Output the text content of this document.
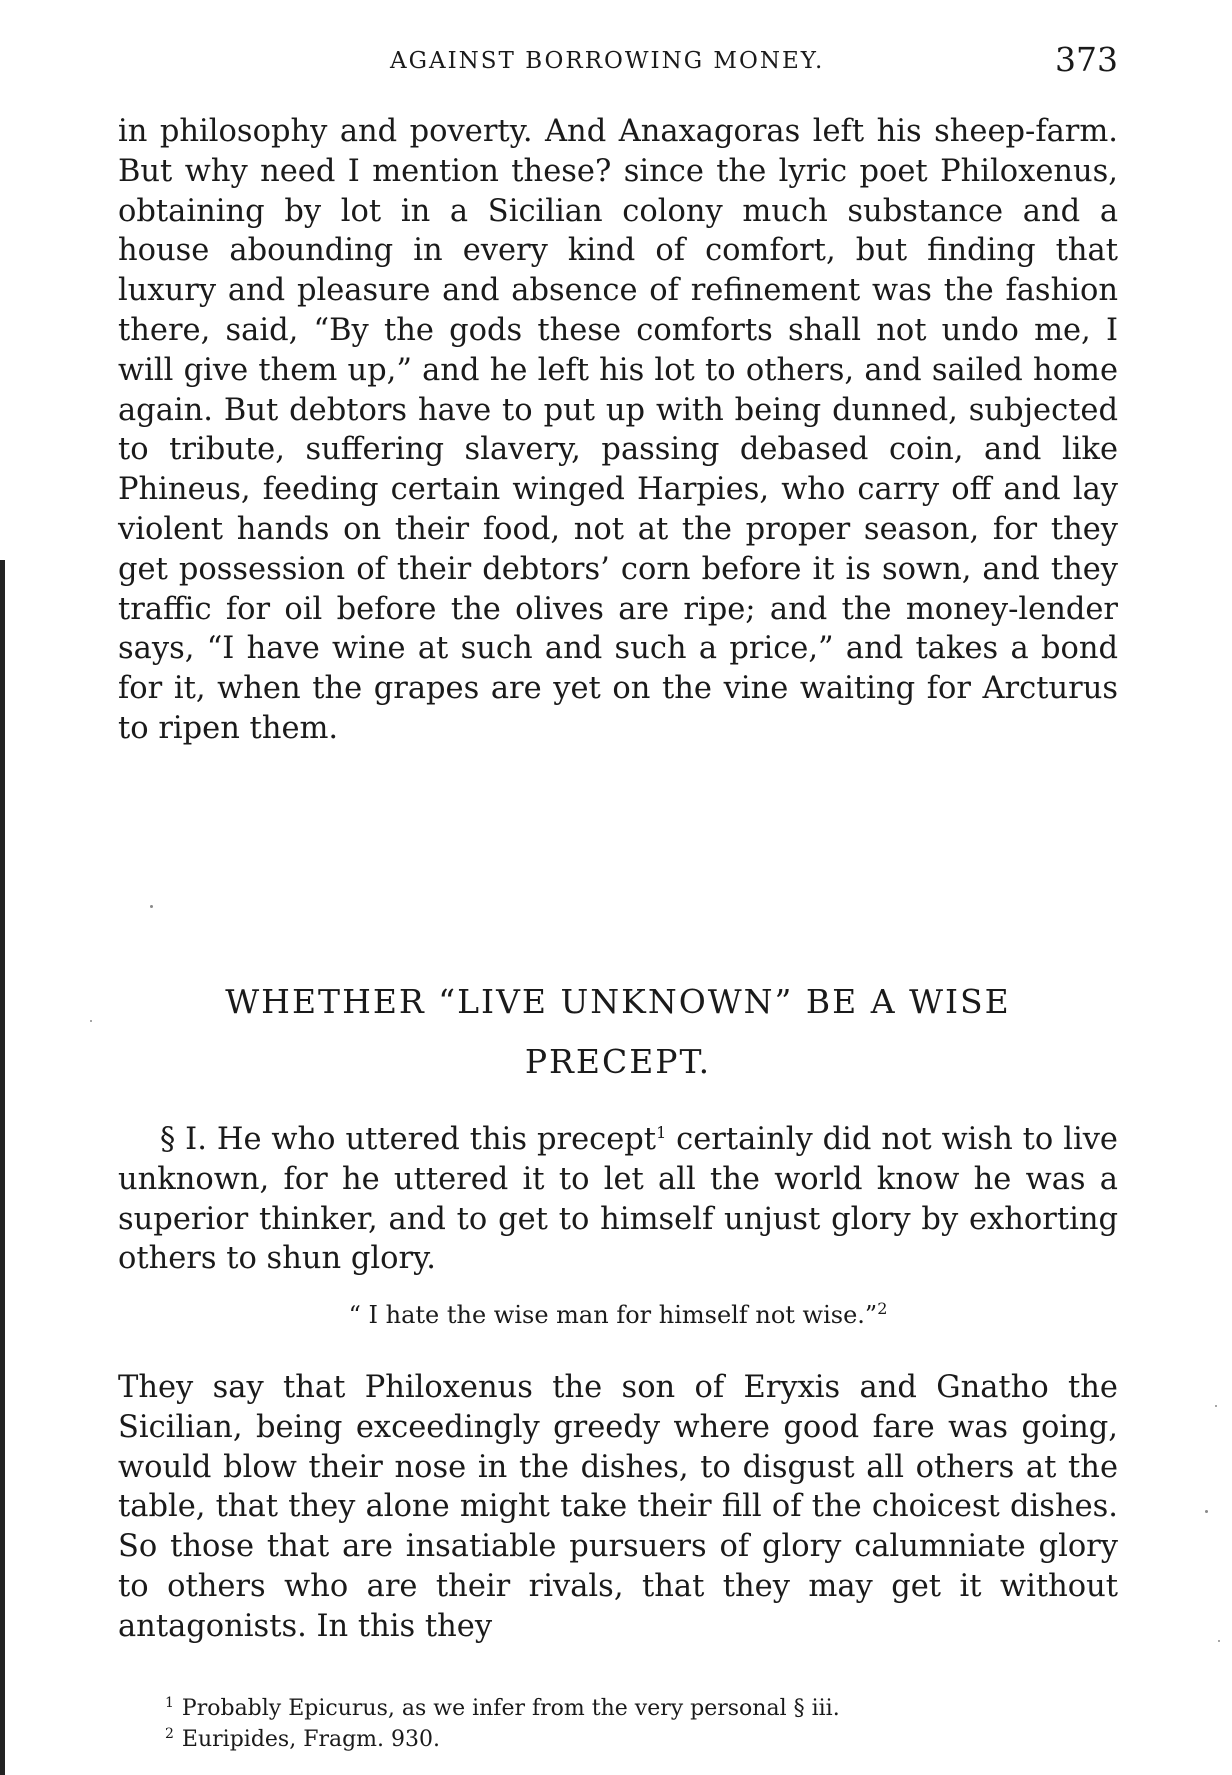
AGAINST BORROWING MONEY.	373

in philosophy and poverty. And Anaxagoras left his sheep-farm. But why need I mention these? since the lyric poet Philoxenus, obtaining by lot in a Sicilian colony much substance and a house abounding in every kind of comfort, but finding that luxury and pleasure and absence of refinement was the fashion there, said, “By the gods these comforts shall not undo me, I will give them up,” and he left his lot to others, and sailed home again. But debtors have to put up with being dunned, subjected to tribute, suffering slavery, passing debased coin, and like Phineus, feeding certain winged Harpies, who carry off and lay violent hands on their food, not at the proper season, for they get possession of their debtors’ corn before it is sown, and they traffic for oil before the olives are ripe; and the money-lender says, “I have wine at such and such a price,” and takes a bond for it, when the grapes are yet on the vine waiting for Arcturus to ripen them.

WHETHER “LIVE UNKNOWN” BE A WISE
PRECEPT.

§ I. He who uttered this precept$^1$ certainly did not wish to live unknown, for he uttered it to let all the world know he was a superior thinker, and to get to himself unjust glory by exhorting others to shun glory.

“ I hate the wise man for himself not wise.”$^2$

They say that Philoxenus the son of Eryxis and Gnatho the Sicilian, being exceedingly greedy where good fare was going, would blow their nose in the dishes, to disgust all others at the table, that they alone might take their fill of the choicest dishes. So those that are insatiable pursuers of glory calumniate glory to others who are their rivals, that they may get it without antagonists. In this they

$^1$ Probably Epicurus, as we infer from the very personal § iii.
$^2$ Euripides, Fragm. 930.
